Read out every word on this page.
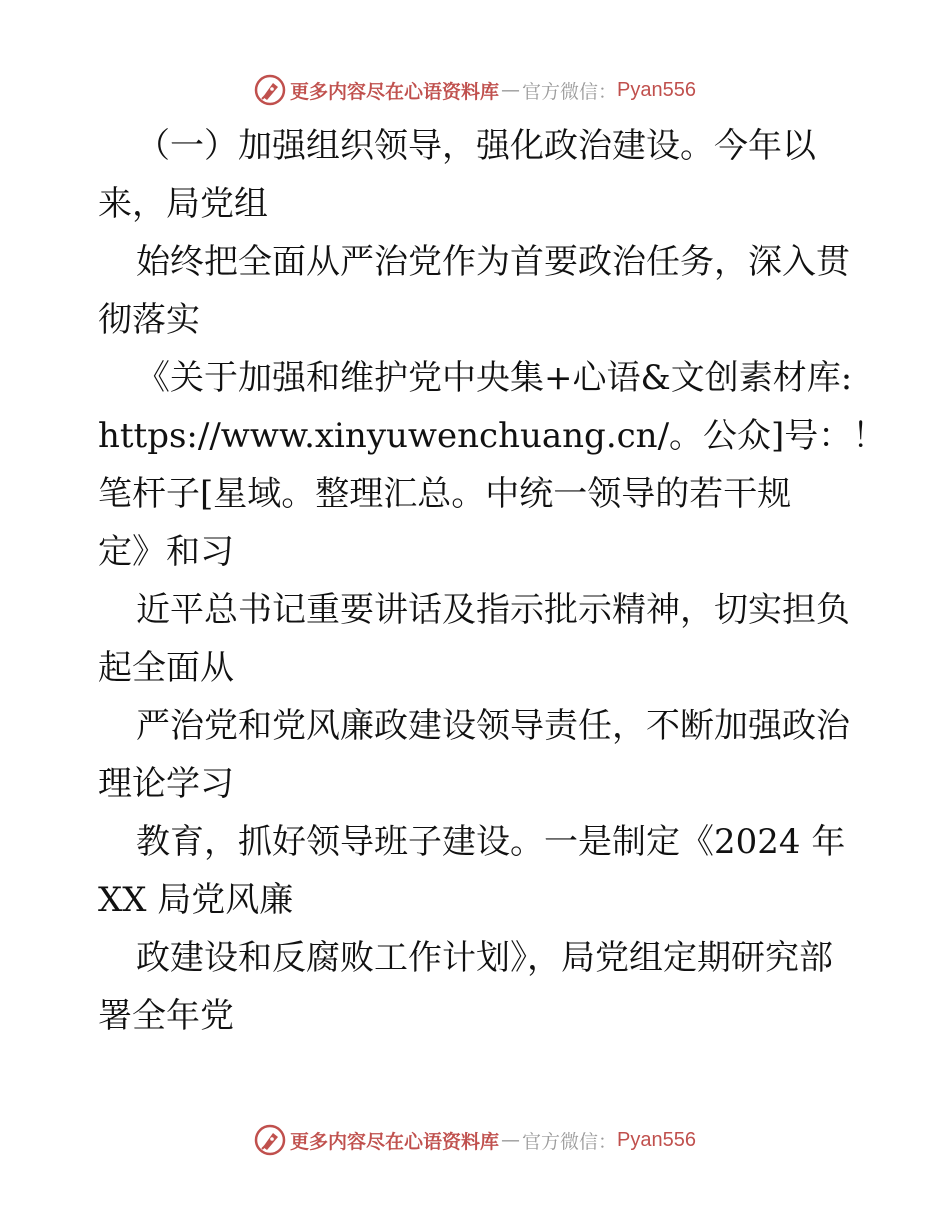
更多内容尽在心语资料库 — 官方微信： Pyan556
（一）加强组织领导，强化政治建设。今年以
来，局党组
始终把全面从严治党作为首要政治任务，深入贯
彻落实
《关于加强和维护党中央集+心语&文创素材库:
https://www.xinyuwenchuang.cn/。公众]号：！
笔杆子[星域。整理汇总。中统一领导的若干规
定》和习
近平总书记重要讲话及指示批示精神，切实担负
起全面从
严治党和党风廉政建设领导责任，不断加强政治
理论学习
教育，抓好领导班子建设。一是制定《2024 年
XX 局党风廉
政建设和反腐败工作计划》，局党组定期研究部
署全年党
更多内容尽在心语资料库 — 官方微信： Pyan556
